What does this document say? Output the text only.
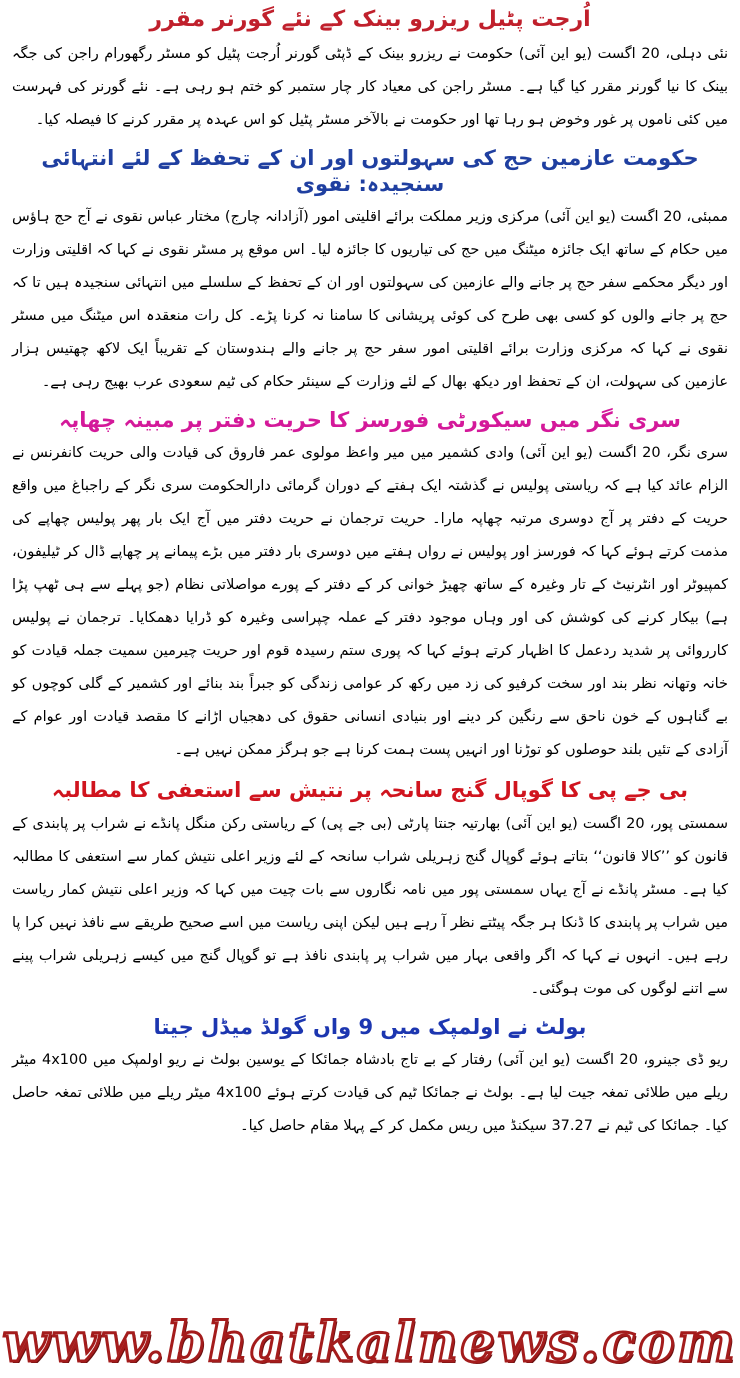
اُرجت پٹیل ریزرو بینک کے نئے گورنر مقرر

نئی دہلی، 20 اگست (یو این آئی) حکومت نے ریزرو بینک کے ڈپٹی گورنر اُرجت پٹیل کو مسٹر رگھورام راجن کی جگہ بینک کا نیا گورنر مقرر کیا گیا ہے۔ مسٹر راجن کی معیاد کار چار ستمبر کو ختم ہو رہی ہے۔ نئے گورنر کی فہرست میں کئی ناموں پر غور وخوض ہو رہا تھا اور حکومت نے بالآخر مسٹر پٹیل کو اس عہدہ پر مقرر کرنے کا فیصلہ کیا۔

حکومت عازمین حج کی سہولتوں اور ان کے تحفظ کے لئے انتہائی سنجیدہ: نقوی

ممبئی، 20 اگست (یو این آئی) مرکزی وزیر مملکت برائے اقلیتی امور (آزادانہ چارج) مختار عباس نقوی نے آج حج ہاؤس میں حکام کے ساتھ ایک جائزہ میٹنگ میں حج کی تیاریوں کا جائزہ لیا۔ اس موقع پر مسٹر نقوی نے کہا کہ اقلیتی وزارت اور دیگر محکمے سفر حج پر جانے والے عازمین کی سہولتوں اور ان کے تحفظ کے سلسلے میں انتہائی سنجیدہ ہیں تا کہ حج پر جانے والوں کو کسی بھی طرح کی کوئی پریشانی کا سامنا نہ کرنا پڑے۔ کل رات منعقدہ اس میٹنگ میں مسٹر نقوی نے کہا کہ مرکزی وزارت برائے اقلیتی امور سفر حج پر جانے والے ہندوستان کے تقریباً ایک لاکھ چھتیس ہزار عازمین کی سہولت، ان کے تحفظ اور دیکھ بھال کے لئے وزارت کے سینئر حکام کی ٹیم سعودی عرب بھیج رہی ہے۔

سری نگر میں سیکورٹی فورسز کا حریت دفتر پر مبینہ چھاپہ

سری نگر، 20 اگست (یو این آئی) وادی کشمیر میں میر واعظ مولوی عمر فاروق کی قیادت والی حریت کانفرنس نے الزام عائد کیا ہے کہ ریاستی پولیس نے گذشتہ ایک ہفتے کے دوران گرمائی دارالحکومت سری نگر کے راجباغ میں واقع حریت کے دفتر پر آج دوسری مرتبہ چھاپہ مارا۔ حریت ترجمان نے حریت دفتر میں آج ایک بار پھر پولیس چھاپے کی مذمت کرتے ہوئے کہا کہ فورسز اور پولیس نے رواں ہفتے میں دوسری بار دفتر میں بڑے پیمانے پر چھاپے ڈال کر ٹیلیفون، کمپیوٹر اور انٹرنیٹ کے تار وغیرہ کے ساتھ چھیڑ خوانی کر کے دفتر کے پورے مواصلاتی نظام (جو پہلے سے ہی ٹھپ پڑا ہے) بیکار کرنے کی کوشش کی اور وہاں موجود دفتر کے عملہ چپراسی وغیرہ کو ڈرایا دھمکایا۔ ترجمان نے پولیس کارروائی پر شدید ردعمل کا اظہار کرتے ہوئے کہا کہ پوری ستم رسیدہ قوم اور حریت چیرمین سمیت جملہ قیادت کو خانہ وتھانہ نظر بند اور سخت کرفیو کی زد میں رکھ کر عوامی زندگی کو جبراً بند بنائے اور کشمیر کے گلی کوچوں کو بے گناہوں کے خون ناحق سے رنگین کر دینے اور بنیادی انسانی حقوق کی دھجیاں اڑانے کا مقصد قیادت اور عوام کے آزادی کے تئیں بلند حوصلوں کو توڑنا اور انہیں پست ہمت کرنا ہے جو ہرگز ممکن نہیں ہے۔

بی جے پی کا گوپال گنج سانحہ پر نتیش سے استعفی کا مطالبہ

سمستی پور، 20 اگست (یو این آئی) بھارتیہ جنتا پارٹی (بی جے پی) کے ریاستی رکن منگل پانڈے نے شراب پر پابندی کے قانون کو ’’کالا قانون‘‘ بتاتے ہوئے گوپال گنج زہریلی شراب سانحہ کے لئے وزیر اعلی نتیش کمار سے استعفی کا مطالبہ کیا ہے۔ مسٹر پانڈے نے آج یہاں سمستی پور میں نامہ نگاروں سے بات چیت میں کہا کہ وزیر اعلی نتیش کمار ریاست میں شراب پر پابندی کا ڈنکا ہر جگہ پیٹتے نظر آ رہے ہیں لیکن اپنی ریاست میں اسے صحیح طریقے سے نافذ نہیں کرا پا رہے ہیں۔ انہوں نے کہا کہ اگر واقعی بہار میں شراب پر پابندی نافذ ہے تو گوپال گنج میں کیسے زہریلی شراب پینے سے اتنے لوگوں کی موت ہوگئی۔

بولٹ نے اولمپک میں 9 واں گولڈ میڈل جیتا

ریو ڈی جینرو، 20 اگست (یو این آئی) رفتار کے بے تاج بادشاہ جمائکا کے یوسین بولٹ نے ریو اولمپک میں 4x100 میٹر ریلے میں طلائی تمغہ جیت لیا ہے۔ بولٹ نے جمائکا ٹیم کی قیادت کرتے ہوئے 4x100 میٹر ریلے میں طلائی تمغہ حاصل کیا۔ جمائکا کی ٹیم نے 37.27 سیکنڈ میں ریس مکمل کر کے پہلا مقام حاصل کیا۔

www.bhatkalnews.com
